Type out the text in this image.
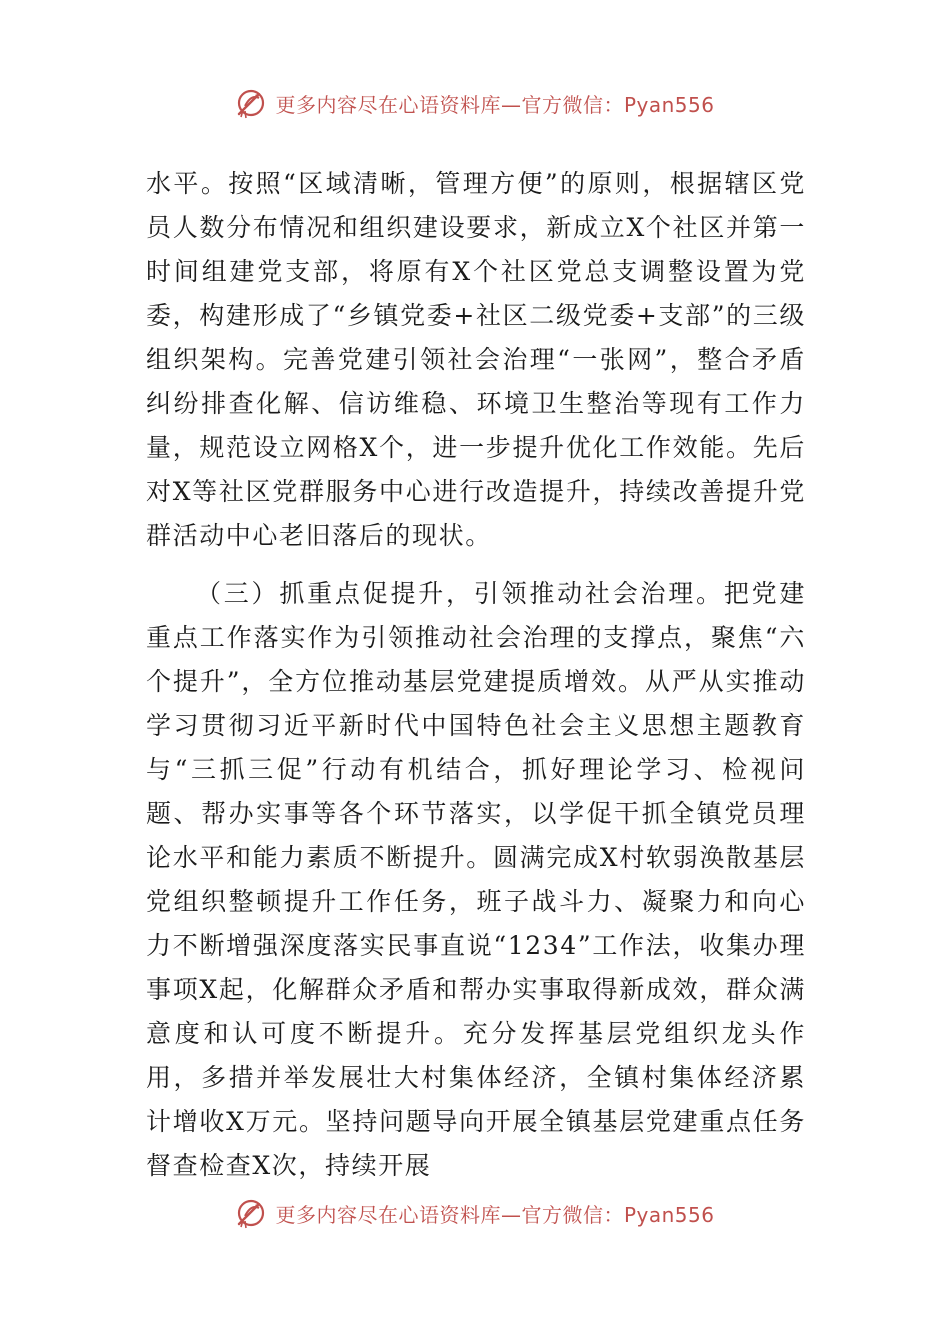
更多内容尽在心语资料库—官方微信：Pyan556

水平。按照“区域清晰，管理方便”的原则，根据辖区党员人数分布情况和组织建设要求，新成立X个社区并第一时间组建党支部，将原有X个社区党总支调整设置为党委，构建形成了“乡镇党委+社区二级党委+支部”的三级组织架构。完善党建引领社会治理“一张网”，整合矛盾纠纷排查化解、信访维稳、环境卫生整治等现有工作力量，规范设立网格X个，进一步提升优化工作效能。先后对X等社区党群服务中心进行改造提升，持续改善提升党群活动中心老旧落后的现状。

（三）抓重点促提升，引领推动社会治理。把党建重点工作落实作为引领推动社会治理的支撑点，聚焦“六个提升”，全方位推动基层党建提质增效。从严从实推动学习贯彻习近平新时代中国特色社会主义思想主题教育与“三抓三促”行动有机结合，抓好理论学习、检视问题、帮办实事等各个环节落实，以学促干抓全镇党员理论水平和能力素质不断提升。圆满完成X村软弱涣散基层党组织整顿提升工作任务，班子战斗力、凝聚力和向心力不断增强深度落实民事直说“1234”工作法，收集办理事项X起，化解群众矛盾和帮办实事取得新成效，群众满意度和认可度不断提升。充分发挥基层党组织龙头作用，多措并举发展壮大村集体经济，全镇村集体经济累计增收X万元。坚持问题导向开展全镇基层党建重点任务督查检查X次，持续开展

更多内容尽在心语资料库—官方微信：Pyan556
